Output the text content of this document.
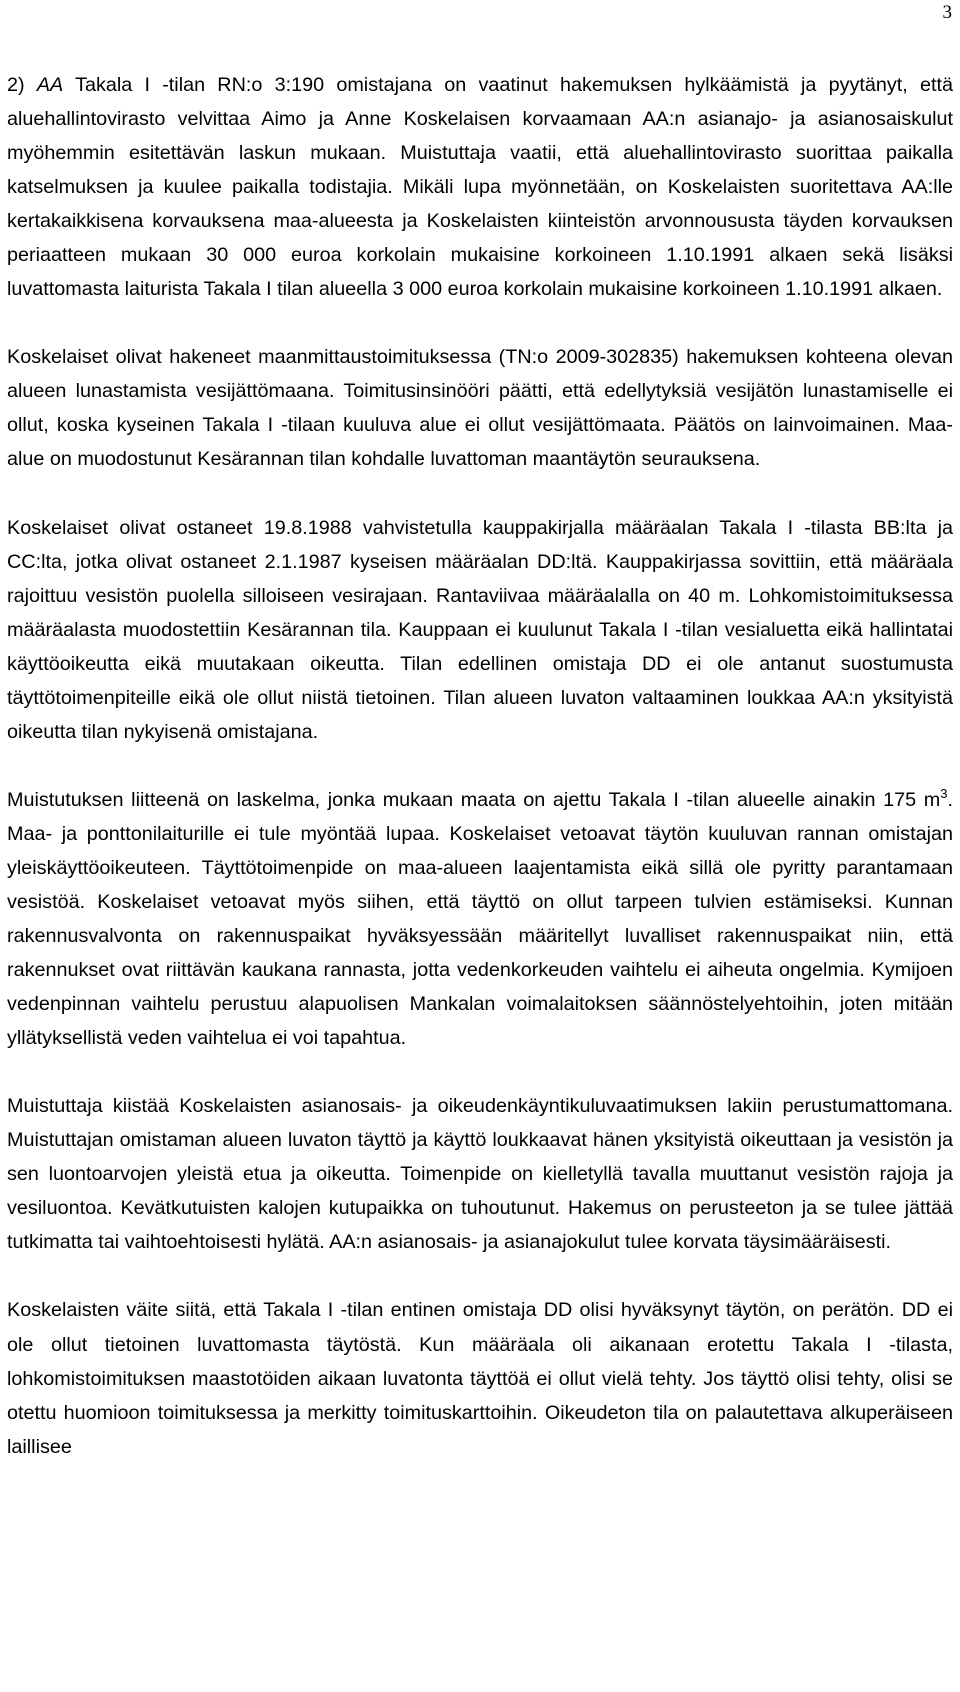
3

2) AA Takala I -tilan RN:o 3:190 omistajana on vaatinut hakemuksen hylkäämistä ja pyytänyt, että aluehallintovirasto velvittaa Aimo ja Anne Koskelaisen korvaamaan AA:n asianajo- ja asianosaiskulut myöhemmin esitettävän laskun mukaan. Muistuttaja vaatii, että aluehallintovirasto suorittaa paikalla katselmuksen ja kuulee paikalla todistajia. Mikäli lupa myönnetään, on Koskelaisten suoritettava AA:lle kertakaikkisena korvauksena maa-alueesta ja Koskelaisten kiinteistön arvonnoususta täyden korvauksen periaatteen mukaan 30 000 euroa korkolain mukaisine korkoineen 1.10.1991 alkaen sekä lisäksi luvattomasta laiturista Takala I tilan alueella 3 000 euroa korkolain mukaisine korkoineen 1.10.1991 alkaen.

Koskelaiset olivat hakeneet maanmittaustoimituksessa (TN:o 2009-302835) hakemuksen kohteena olevan alueen lunastamista vesijättömaana. Toimitusinsinööri päätti, että edellytyksiä vesijätön lunastamiselle ei ollut, koska kyseinen Takala I -tilaan kuuluva alue ei ollut vesijättömaata. Päätös on lainvoimainen. Maa-alue on muodostunut Kesärannan tilan kohdalle luvattoman maantäytön seurauksena.

Koskelaiset olivat ostaneet 19.8.1988 vahvistetulla kauppakirjalla määräalan Takala I -tilasta BB:lta ja CC:lta, jotka olivat ostaneet 2.1.1987 kyseisen määräalan DD:ltä. Kauppakirjassa sovittiin, että määräala rajoittuu vesistön puolella silloiseen vesirajaan. Rantaviivaa määräalalla on 40 m. Lohkomistoimituksessa määräalasta muodostettiin Kesärannan tila. Kauppaan ei kuulunut Takala I -tilan vesialuetta eikä hallintatai käyttöoikeutta eikä muutakaan oikeutta. Tilan edellinen omistaja DD ei ole antanut suostumusta täyttötoimenpiteille eikä ole ollut niistä tietoinen. Tilan alueen luvaton valtaaminen loukkaa AA:n yksityistä oikeutta tilan nykyisenä omistajana.

Muistutuksen liitteenä on laskelma, jonka mukaan maata on ajettu Takala I -tilan alueelle ainakin 175 $m^3$. Maa- ja ponttonilaiturille ei tule myöntää lupaa. Koskelaiset vetoavat täytön kuuluvan rannan omistajan yleiskäyttöoikeuteen. Täyttötoimenpide on maa-alueen laajentamista eikä sillä ole pyritty parantamaan vesistöä. Koskelaiset vetoavat myös siihen, että täyttö on ollut tarpeen tulvien estämiseksi. Kunnan rakennusvalvonta on rakennuspaikat hyväksyessään määritellyt luvalliset rakennuspaikat niin, että rakennukset ovat riittävän kaukana rannasta, jotta vedenkorkeuden vaihtelu ei aiheuta ongelmia. Kymijoen vedenpinnan vaihtelu perustuu alapuolisen Mankalan voimalaitoksen säännöstelyehtoihin, joten mitään yllätyksellistä veden vaihtelua ei voi tapahtua.

Muistuttaja kiistää Koskelaisten asianosais- ja oikeudenkäyntikuluvaatimuksen lakiin perustumattomana. Muistuttajan omistaman alueen luvaton täyttö ja käyttö loukkaavat hänen yksityistä oikeuttaan ja vesistön ja sen luontoarvojen yleistä etua ja oikeutta. Toimenpide on kielletyllä tavalla muuttanut vesistön rajoja ja vesiluontoa. Kevätkutuisten kalojen kutupaikka on tuhoutunut. Hakemus on perusteeton ja se tulee jättää tutkimatta tai vaihtoehtoisesti hylätä. AA:n asianosais- ja asianajokulut tulee korvata täysimääräisesti.

Koskelaisten väite siitä, että Takala I -tilan entinen omistaja DD olisi hyväksynyt täytön, on perätön. DD ei ole ollut tietoinen luvattomasta täytöstä. Kun määräala oli aikanaan erotettu Takala I -tilasta, lohkomistoimituksen maastotöiden aikaan luvatonta täyttöä ei ollut vielä tehty. Jos täyttö olisi tehty, olisi se otettu huomioon toimituksessa ja merkitty toimituskarttoihin. Oikeudeton tila on palautettava alkuperäiseen laillisee
